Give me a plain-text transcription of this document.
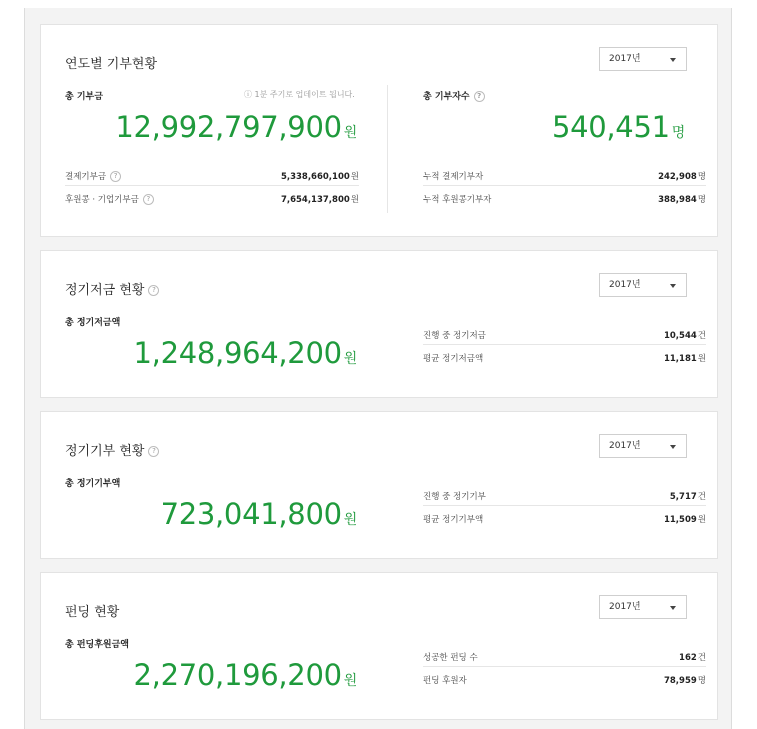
연도별 기부현황	2017년
총 기부금	ⓘ 1분 주기로 업데이트 됩니다.
12,992,797,900 원
결제기부금	?	5,338,660,100원
후원콩 · 기업기부금	?	7,654,137,800원
총 기부자수 ?
540,451 명
누적 결제기부자	242,908명
누적 후원콩기부자	388,984명
정기저금 현황 ?	2017년
총 정기저금액
1,248,964,200 원
진행 중 정기저금	10,544건
평균 정기저금액	11,181원
정기기부 현황 ?	2017년
총 정기기부액
723,041,800 원
진행 중 정기기부	5,717건
평균 정기기부액	11,509원
펀딩 현황	2017년
총 펀딩후원금액
2,270,196,200 원
성공한 펀딩 수	162건
펀딩 후원자	78,959명
